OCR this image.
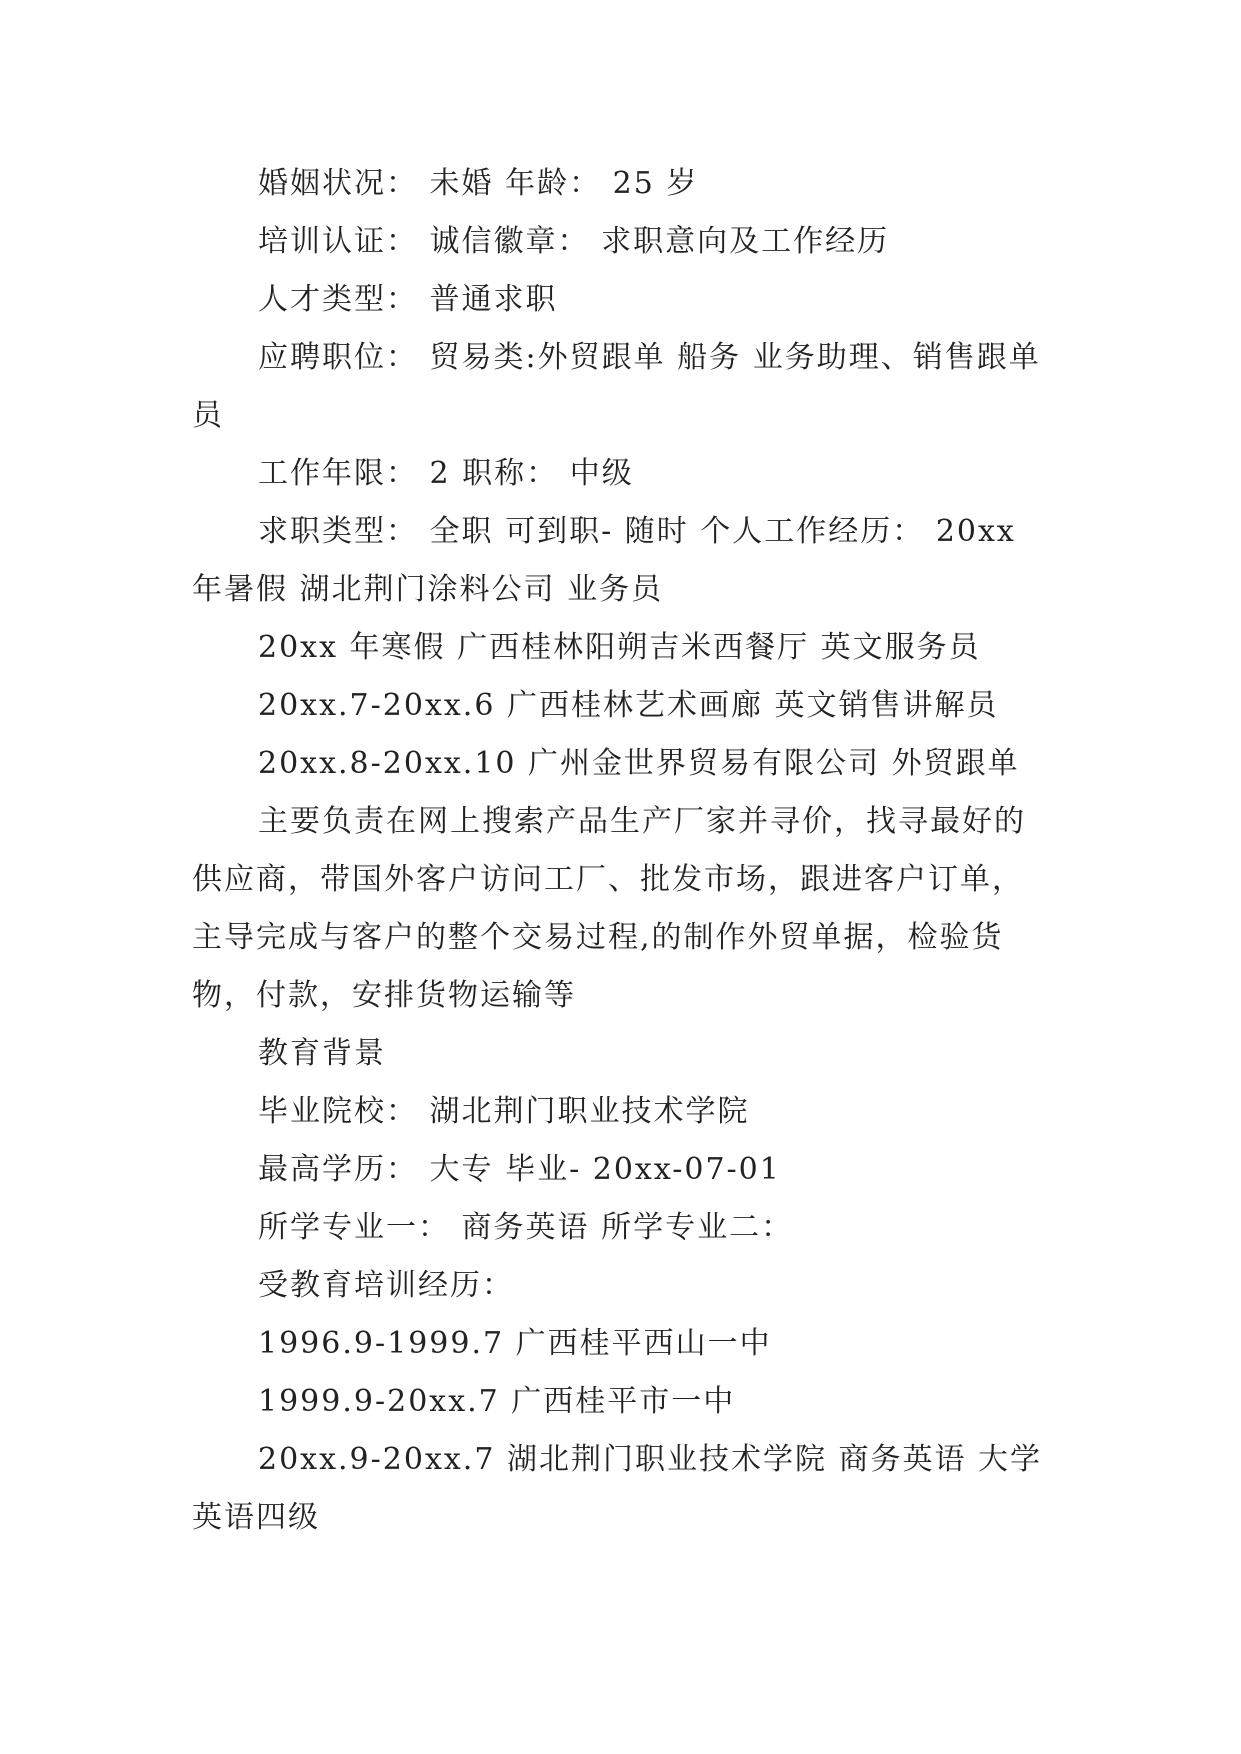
婚姻状况： 未婚 年龄： 25 岁

培训认证： 诚信徽章： 求职意向及工作经历

人才类型： 普通求职

应聘职位： 贸易类:外贸跟单 船务 业务助理、销售跟单员

工作年限： 2 职称： 中级

求职类型： 全职 可到职- 随时 个人工作经历： 20xx 年暑假 湖北荆门涂料公司 业务员

20xx 年寒假 广西桂林阳朔吉米西餐厅 英文服务员

20xx.7-20xx.6 广西桂林艺术画廊 英文销售讲解员

20xx.8-20xx.10 广州金世界贸易有限公司 外贸跟单

主要负责在网上搜索产品生产厂家并寻价，找寻最好的供应商，带国外客户访问工厂、批发市场，跟进客户订单，主导完成与客户的整个交易过程,的制作外贸单据，检验货物，付款，安排货物运输等

教育背景

毕业院校： 湖北荆门职业技术学院

最高学历： 大专 毕业- 20xx-07-01

所学专业一： 商务英语 所学专业二：

受教育培训经历：

1996.9-1999.7 广西桂平西山一中

1999.9-20xx.7 广西桂平市一中

20xx.9-20xx.7 湖北荆门职业技术学院 商务英语 大学英语四级
